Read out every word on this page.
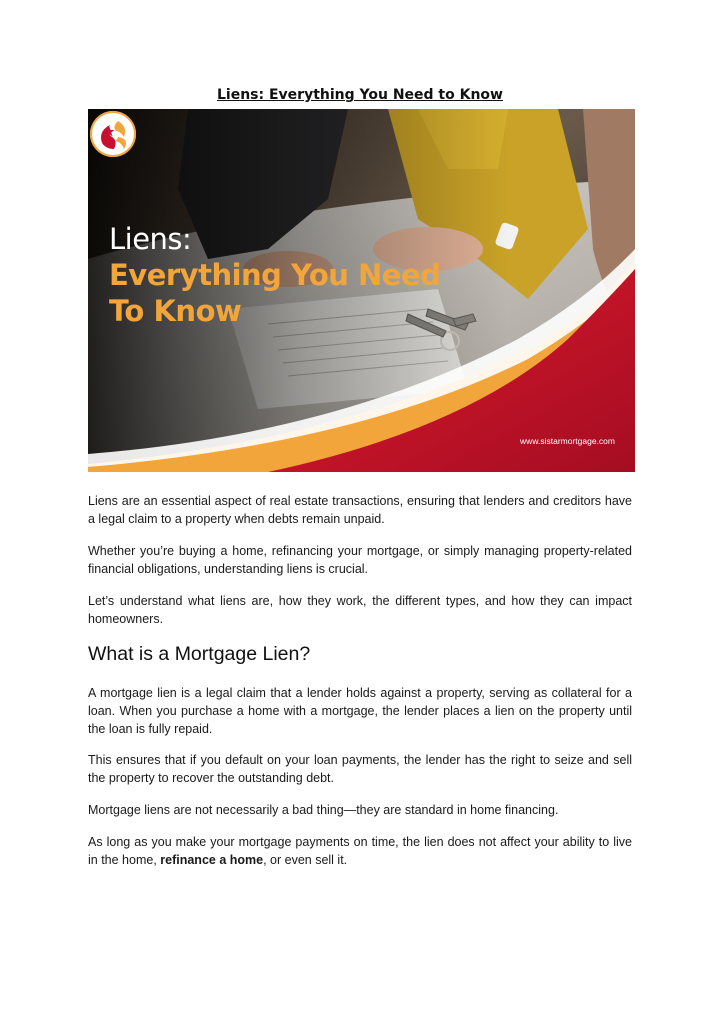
Liens: Everything You Need to Know
Liens:
Everything You Need
To Know
www.sistarmortgage.com
Liens are an essential aspect of real estate transactions, ensuring that lenders and creditors have a legal claim to a property when debts remain unpaid.
Whether you’re buying a home, refinancing your mortgage, or simply managing property-related financial obligations, understanding liens is crucial.
Let’s understand what liens are, how they work, the different types, and how they can impact homeowners.
What is a Mortgage Lien?
A mortgage lien is a legal claim that a lender holds against a property, serving as collateral for a loan. When you purchase a home with a mortgage, the lender places a lien on the property until the loan is fully repaid.
This ensures that if you default on your loan payments, the lender has the right to seize and sell the property to recover the outstanding debt.
Mortgage liens are not necessarily a bad thing—they are standard in home financing.
As long as you make your mortgage payments on time, the lien does not affect your ability to live in the home, refinance a home, or even sell it.
